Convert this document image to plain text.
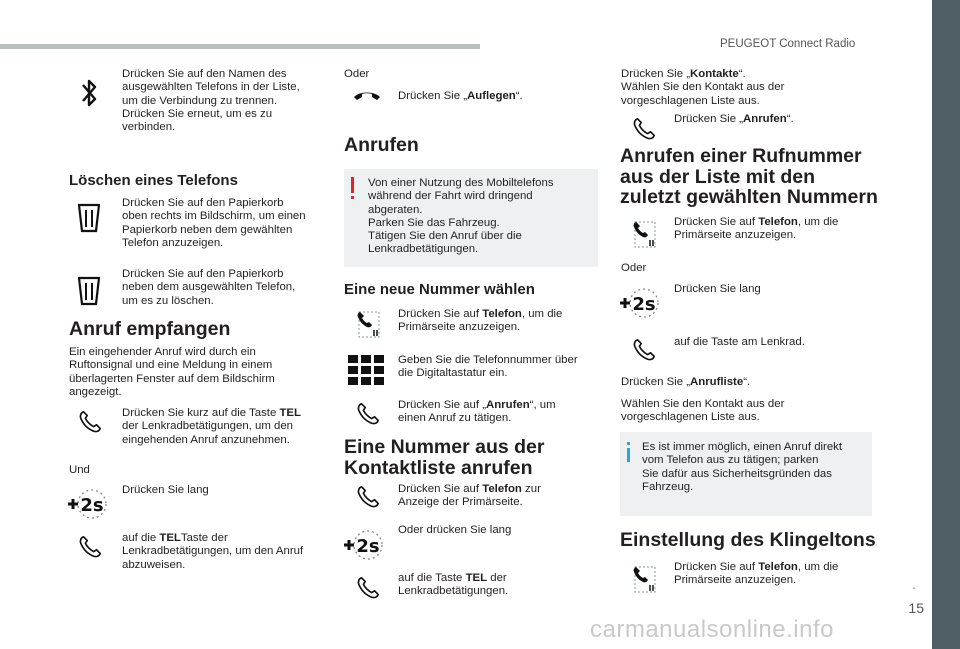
PEUGEOT Connect Radio
.
15
carmanualsonline.info
Drücken Sie auf den Namen des
ausgewählten Telefons in der Liste,
um die Verbindung zu trennen.
Drücken Sie erneut, um es zu
verbinden.
Löschen eines Telefons
Drücken Sie auf den Papierkorb
oben rechts im Bildschirm, um einen
Papierkorb neben dem gewählten
Telefon anzuzeigen.
Drücken Sie auf den Papierkorb
neben dem ausgewählten Telefon,
um es zu löschen.
Anruf empfangen
Ein eingehender Anruf wird durch ein
Ruftonsignal und eine Meldung in einem
überlagerten Fenster auf dem Bildschirm
angezeigt.
Drücken Sie kurz auf die Taste TEL
der Lenkradbetätigungen, um den
eingehenden Anruf anzunehmen.
Und
Drücken Sie lang
auf die TELTaste der
Lenkradbetätigungen, um den Anruf
abzuweisen.
Oder
Drücken Sie „Auflegen“.
Anrufen
Von einer Nutzung des Mobiltelefons
während der Fahrt wird dringend
abgeraten.
Parken Sie das Fahrzeug.
Tätigen Sie den Anruf über die
Lenkradbetätigungen.
Eine neue Nummer wählen
Drücken Sie auf Telefon, um die
Primärseite anzuzeigen.
Geben Sie die Telefonnummer über
die Digitaltastatur ein.
Drücken Sie auf „Anrufen“, um
einen Anruf zu tätigen.
Eine Nummer aus der
Kontaktliste anrufen
Drücken Sie auf Telefon zur
Anzeige der Primärseite.
Oder drücken Sie lang
auf die Taste TEL der
Lenkradbetätigungen.
Drücken Sie „Kontakte“.
Wählen Sie den Kontakt aus der
vorgeschlagenen Liste aus.
Drücken Sie „Anrufen“.
Anrufen einer Rufnummer
aus der Liste mit den
zuletzt gewählten Nummern
Drücken Sie auf Telefon, um die
Primärseite anzuzeigen.
Oder
Drücken Sie lang
auf die Taste am Lenkrad.
Drücken Sie „Anrufliste“.
Wählen Sie den Kontakt aus der
vorgeschlagenen Liste aus.
Es ist immer möglich, einen Anruf direkt
vom Telefon aus zu tätigen; parken
Sie dafür aus Sicherheitsgründen das
Fahrzeug.
Einstellung des Klingeltons
Drücken Sie auf Telefon, um die
Primärseite anzuzeigen.
